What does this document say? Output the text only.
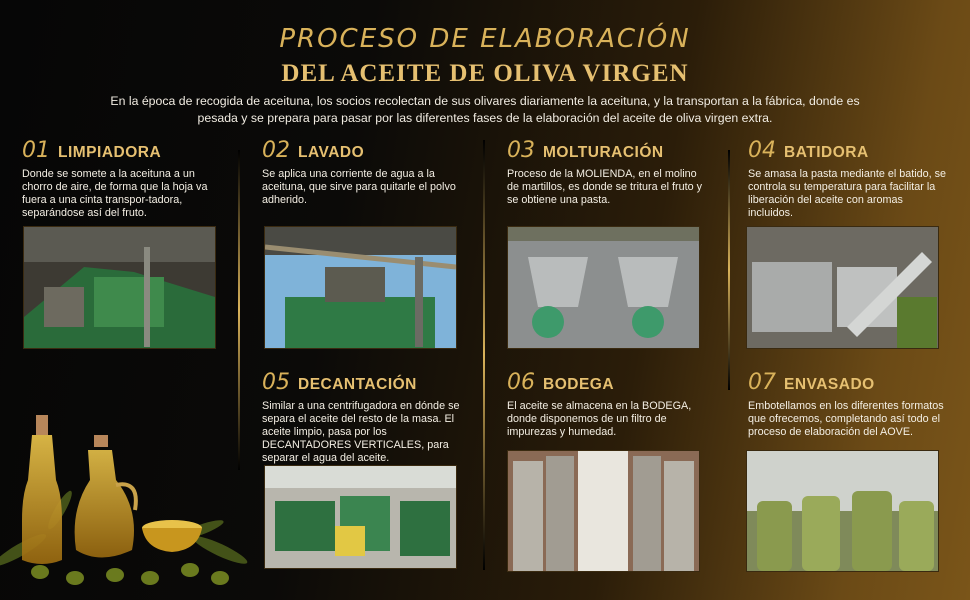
PROCESO DE ELABORACIÓN
DEL ACEITE DE OLIVA VIRGEN
En la época de recogida de aceituna, los socios recolectan de sus olivares diariamente la aceituna, y la transportan a la fábrica, donde es pesada y se prepara para pasar por las diferentes fases de la elaboración del aceite de oliva virgen extra.
01 LIMPIADORA
Donde se somete a la aceituna a un chorro de aire, de forma que la hoja va fuera a una cinta transpor-tadora, separándose así del fruto.
02 LAVADO
Se aplica una corriente de agua a la aceituna, que sirve para quitarle el polvo adherido.
03 MOLTURACIÓN
Proceso de la MOLIENDA, en el molino de martillos, es donde se tritura el fruto y se obtiene una pasta.
04 BATIDORA
Se amasa la pasta mediante el batido, se controla su temperatura para facilitar la liberación del aceite con aromas incluidos.
05 DECANTACIÓN
Similar a una centrifugadora en dónde se separa el aceite del resto de la masa. El aceite limpio, pasa por los DECANTADORES VERTICALES, para separar el agua del aceite.
06 BODEGA
El aceite se almacena en la BODEGA, donde disponemos de un filtro de impurezas y humedad.
07 ENVASADO
Embotellamos en los diferentes formatos que ofrecemos, completando así todo el proceso de elaboración del AOVE.
